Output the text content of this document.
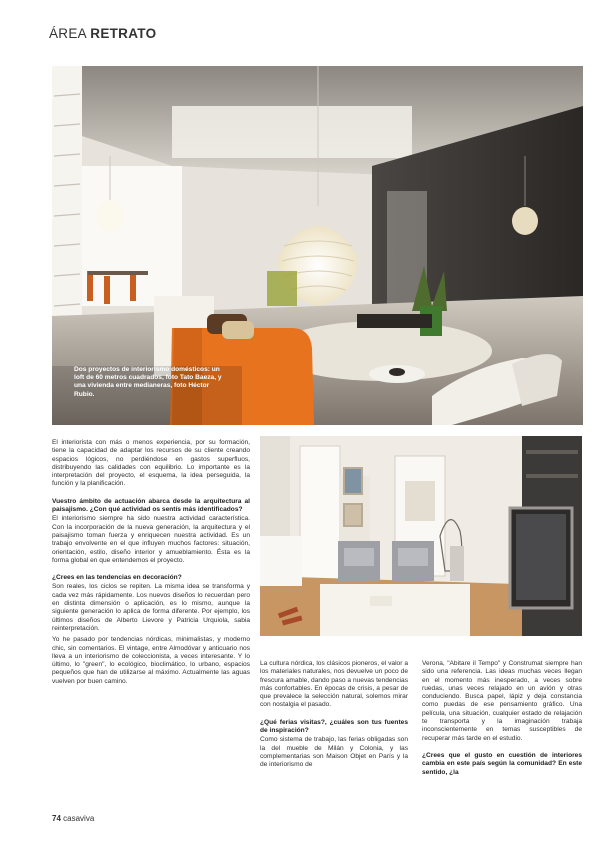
ÁREA RETRATO
Dos proyectos de interiorismo domésticos: un loft de 60 metros cuadrados, foto Tato Baeza, y una vivienda entre medianeras, foto Héctor Rubio.

El interiorista con más o menos experiencia, por su formación, tiene la capacidad de adaptar los recursos de su cliente creando espacios lógicos, no perdiéndose en gastos superfluos, distribuyendo las calidades con equilibrio. Lo importante es la interpretación del proyecto, el esquema, la idea perseguida, la función y la planificación.

Vuestro ámbito de actuación abarca desde la arquitectura al paisajismo. ¿Con qué actividad os sentís más identificados?

El interiorismo siempre ha sido nuestra actividad característica. Con la incorporación de la nueva generación, la arquitectura y el paisajismo toman fuerza y enriquecen nuestra actividad. Es un trabajo envolvente en el que influyen muchos factores: situación, orientación, estilo, diseño interior y amueblamiento. Ésta es la forma global en que entendemos el proyecto.

¿Crees en las tendencias en decoración?

Son reales, los ciclos se repiten. La misma idea se transforma y cada vez más rápidamente. Los nuevos diseños lo recuerdan pero en distinta dimensión o aplicación, es lo mismo, aunque la siguiente generación lo aplica de forma diferente. Por ejemplo, los últimos diseños de Alberto Lievore y Patricia Urquiola, sabia reinterpretación.

Yo he pasado por tendencias nórdicas, minimalistas, y moderno chic, sin comentarios. El vintage, entre Almodóvar y anticuario nos lleva a un interiorismo de coleccionista, a veces interesante. Y lo último, lo "green", lo ecológico, bioclimático, lo urbano, espacios pequeños que han de utilizarse al máximo. Actualmente las aguas vuelven por buen camino.

La cultura nórdica, los clásicos pioneros, el valor a los materiales naturales, nos devuelve un poco de frescura amable, dando paso a nuevas tendencias más confortables. En épocas de crisis, a pesar de que prevalece la selección natural, solemos mirar con nostalgia el pasado.

¿Qué ferias visitas?, ¿cuáles son tus fuentes de inspiración?

Como sistema de trabajo, las ferias obligadas son la del mueble de Milán y Colonia, y las complementarias son Maison Objet en París y la de interiorismo de

Verona, "Abitare il Tempo" y Construmat siempre han sido una referencia. Las ideas muchas veces llegan en el momento más inesperado, a veces sobre ruedas, unas veces relajado en un avión y otras conduciendo. Busca papel, lápiz y deja constancia como puedas de ese pensamiento gráfico. Una película, una situación, cualquier estado de relajación te transporta y la imaginación trabaja inconscientemente en temas susceptibles de recuperar más tarde en el estudio.

¿Crees que el gusto en cuestión de interiores cambia en este país según la comunidad? En este sentido, ¿la

74 casaviva
